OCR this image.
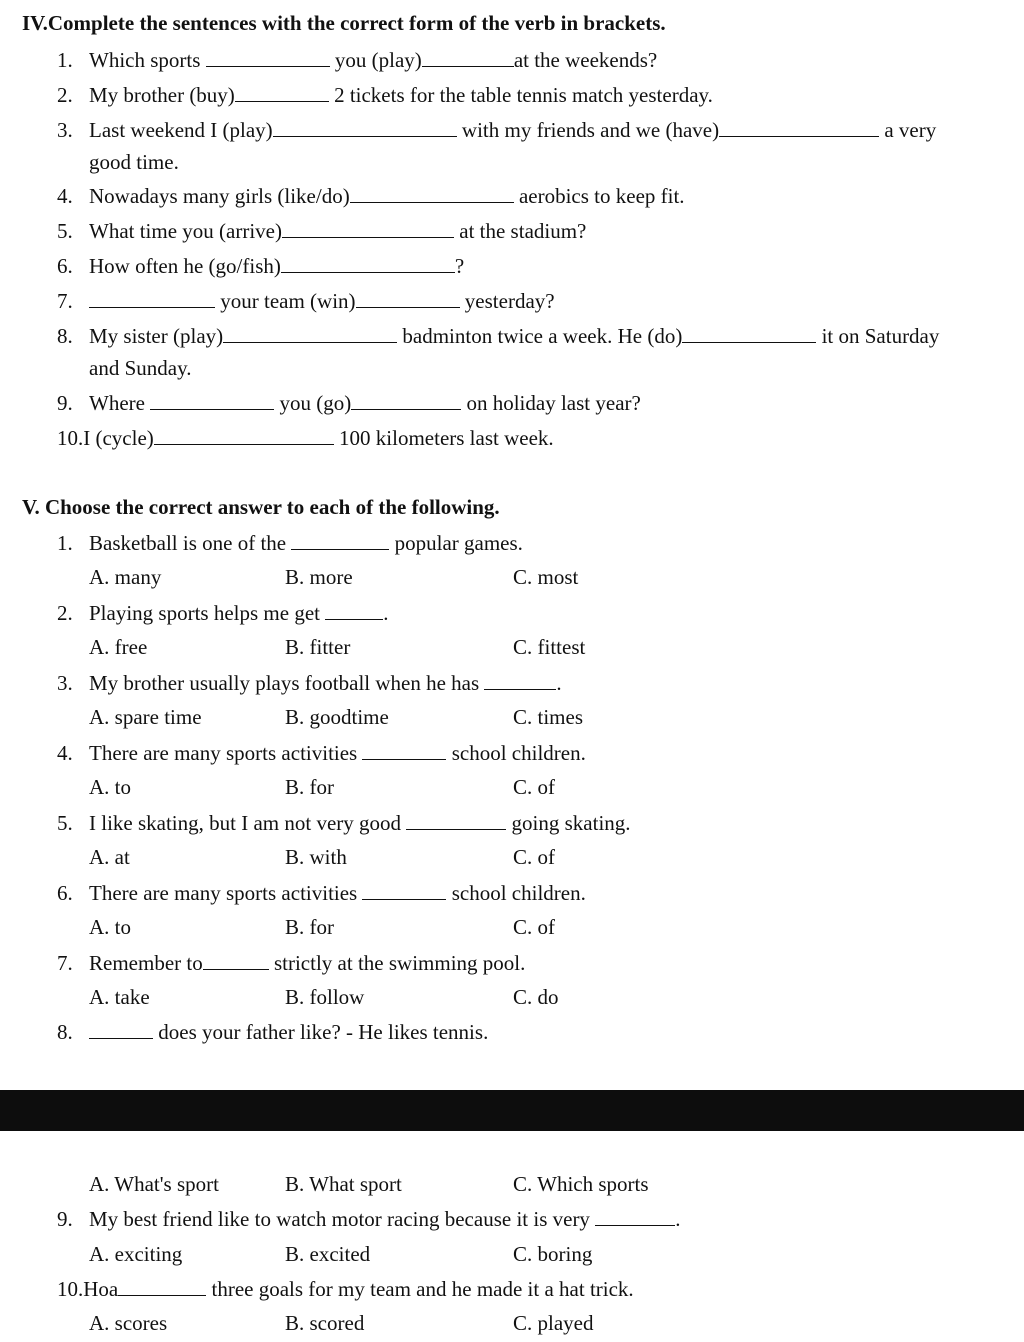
IV.Complete the sentences with the correct form of the verb in brackets.
1. Which sports	you (play)	at the weekends?
2. My brother (buy)	2 tickets for the table tennis match yesterday.
3. Last weekend I (play)	with my friends and we (have)	a very
good time.
4. Nowadays many girls (like/do)	aerobics to keep fit.
5. What time you (arrive)	at the stadium?
6. How often he (go/fish)	?
7.	your team (win)	yesterday?
8. My sister (play)	badminton twice a week. He (do)	it on Saturday
and Sunday.
9. Where	you (go)	on holiday last year?
10.I (cycle)	100 kilometers last week.
V. Choose the correct answer to each of the following.
1. Basketball is one of the	popular games.
A. many	B. more	C. most
2. Playing sports helps me get	.
A. free	B. fitter	C. fittest
3. My brother usually plays football when he has	.
A. spare time	B. goodtime	C. times
4. There are many sports activities	school children.
A. to	B. for	C. of
5. I like skating, but I am not very good	going skating.
A. at	B. with	C. of
6. There are many sports activities	school children.
A. to	B. for	C. of
7. Remember to	strictly at the swimming pool.
A. take	B. follow	C. do
8.	does your father like? - He likes tennis.
A. What's sport	B. What sport	C. Which sports
9. My best friend like to watch motor racing because it is very	.
A. exciting	B. excited	C. boring
10.Hoa	three goals for my team and he made it a hat trick.
A. scores	B. scored	C. played
